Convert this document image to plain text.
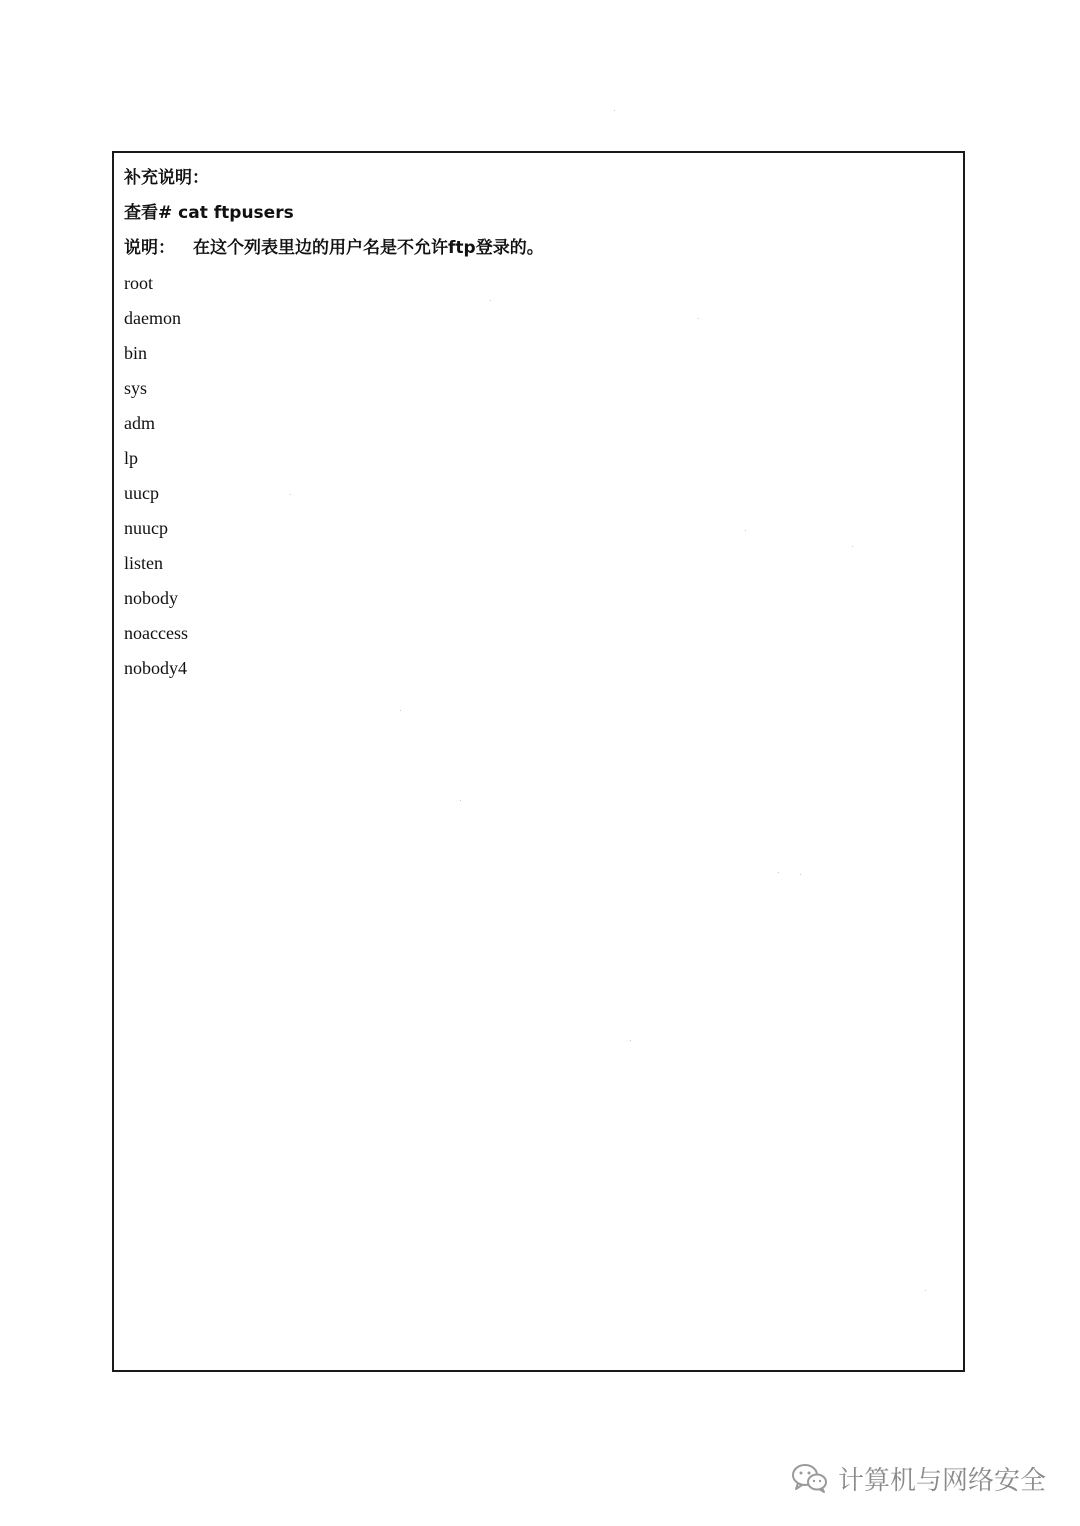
补充说明：
查看# cat ftpusers
说明： 在这个列表里边的用户名是不允许ftp登录的。
root
daemon
bin
sys
adm
lp
uucp
nuucp
listen
nobody
noaccess
nobody4
计算机与网络安全
